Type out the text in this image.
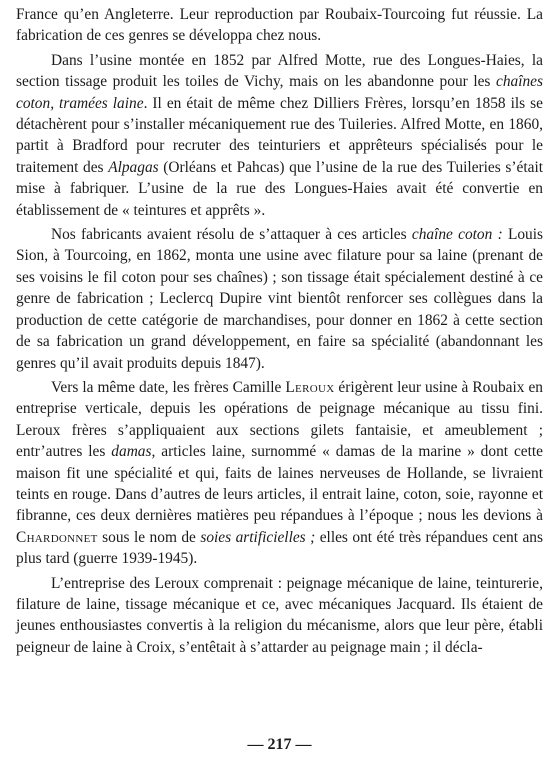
France qu’en Angleterre. Leur reproduction par Roubaix-Tourcoing fut réussie. La fabrication de ces genres se développa chez nous.

Dans l’usine montée en 1852 par Alfred Motte, rue des Longues-Haies, la section tissage produit les toiles de Vichy, mais on les abandonne pour les chaînes coton, tramées laine. Il en était de même chez Dilliers Frères, lorsqu’en 1858 ils se détachèrent pour s’installer mécaniquement rue des Tuileries. Alfred Motte, en 1860, partit à Bradford pour recruter des teinturiers et apprêteurs spécialisés pour le traitement des Alpagas (Orléans et Pahcas) que l’usine de la rue des Tuileries s’était mise à fabriquer. L’usine de la rue des Longues-Haies avait été convertie en établissement de « teintures et apprêts ».

Nos fabricants avaient résolu de s’attaquer à ces articles chaîne coton : Louis Sion, à Tourcoing, en 1862, monta une usine avec filature pour sa laine (prenant de ses voisins le fil coton pour ses chaînes) ; son tissage était spécialement destiné à ce genre de fabrication ; Leclercq Dupire vint bientôt renforcer ses collègues dans la production de cette catégorie de marchandises, pour donner en 1862 à cette section de sa fabrication un grand développement, en faire sa spécialité (abandonnant les genres qu’il avait produits depuis 1847).

Vers la même date, les frères Camille Leroux érigèrent leur usine à Roubaix en entreprise verticale, depuis les opérations de peignage mécanique au tissu fini. Leroux frères s’appliquaient aux sections gilets fantaisie, et ameublement ; entr’autres les damas, articles laine, surnommé « damas de la marine » dont cette maison fit une spécialité et qui, faits de laines nerveuses de Hollande, se livraient teints en rouge. Dans d’autres de leurs articles, il entrait laine, coton, soie, rayonne et fibranne, ces deux dernières matières peu répandues à l’époque ; nous les devions à Chardonnet sous le nom de soies artificielles ; elles ont été très répandues cent ans plus tard (guerre 1939-1945).

L’entreprise des Leroux comprenait : peignage mécanique de laine, teinturerie, filature de laine, tissage mécanique et ce, avec mécaniques Jacquard. Ils étaient de jeunes enthousiastes convertis à la religion du mécanisme, alors que leur père, établi peigneur de laine à Croix, s’entêtait à s’attarder au peignage main ; il décla-

— 217 —
